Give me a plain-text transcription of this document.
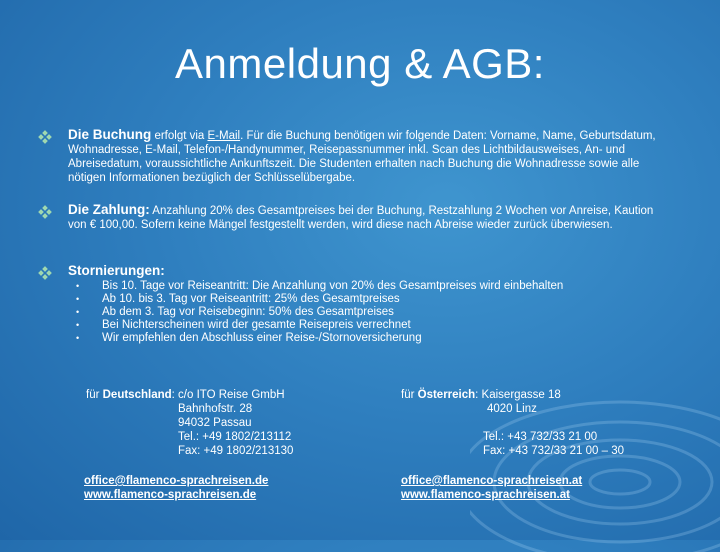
Anmeldung & AGB:
Die Buchung erfolgt via E-Mail. Für die Buchung benötigen wir folgende Daten: Vorname, Name, Geburtsdatum, Wohnadresse, E-Mail, Telefon-/Handynummer, Reisepassnummer inkl. Scan des Lichtbildausweises, An- und Abreisedatum, voraussichtliche Ankunftszeit. Die Studenten erhalten nach Buchung die Wohnadresse sowie alle nötigen Informationen bezüglich der Schlüsselübergabe.
Die Zahlung: Anzahlung 20% des Gesamtpreises bei der Buchung, Restzahlung 2 Wochen vor Anreise, Kaution von € 100,00. Sofern keine Mängel festgestellt werden, wird diese nach Abreise wieder zurück überwiesen.
Stornierungen:
•	Bis 10. Tage vor Reiseantritt: Die Anzahlung von 20% des Gesamtpreises wird einbehalten
•	Ab 10. bis 3. Tag vor Reiseantritt: 25% des Gesamtpreises
•	Ab dem 3. Tag vor Reisebeginn: 50% des Gesamtpreises
•	Bei Nichterscheinen wird der gesamte Reisepreis verrechnet
•	Wir empfehlen den Abschluss einer Reise-/Stornoversicherung
für Deutschland: c/o ITO Reise GmbH
Bahnhofstr. 28
94032 Passau
Tel.: +49 1802/213112
Fax: +49 1802/213130
für Österreich: Kaisergasse 18
4020 Linz
Tel.: +43 732/33 21 00
Fax: +43 732/33 21 00 – 30
office@flamenco-sprachreisen.de
www.flamenco-sprachreisen.de
office@flamenco-sprachreisen.at
www.flamenco-sprachreisen.at
